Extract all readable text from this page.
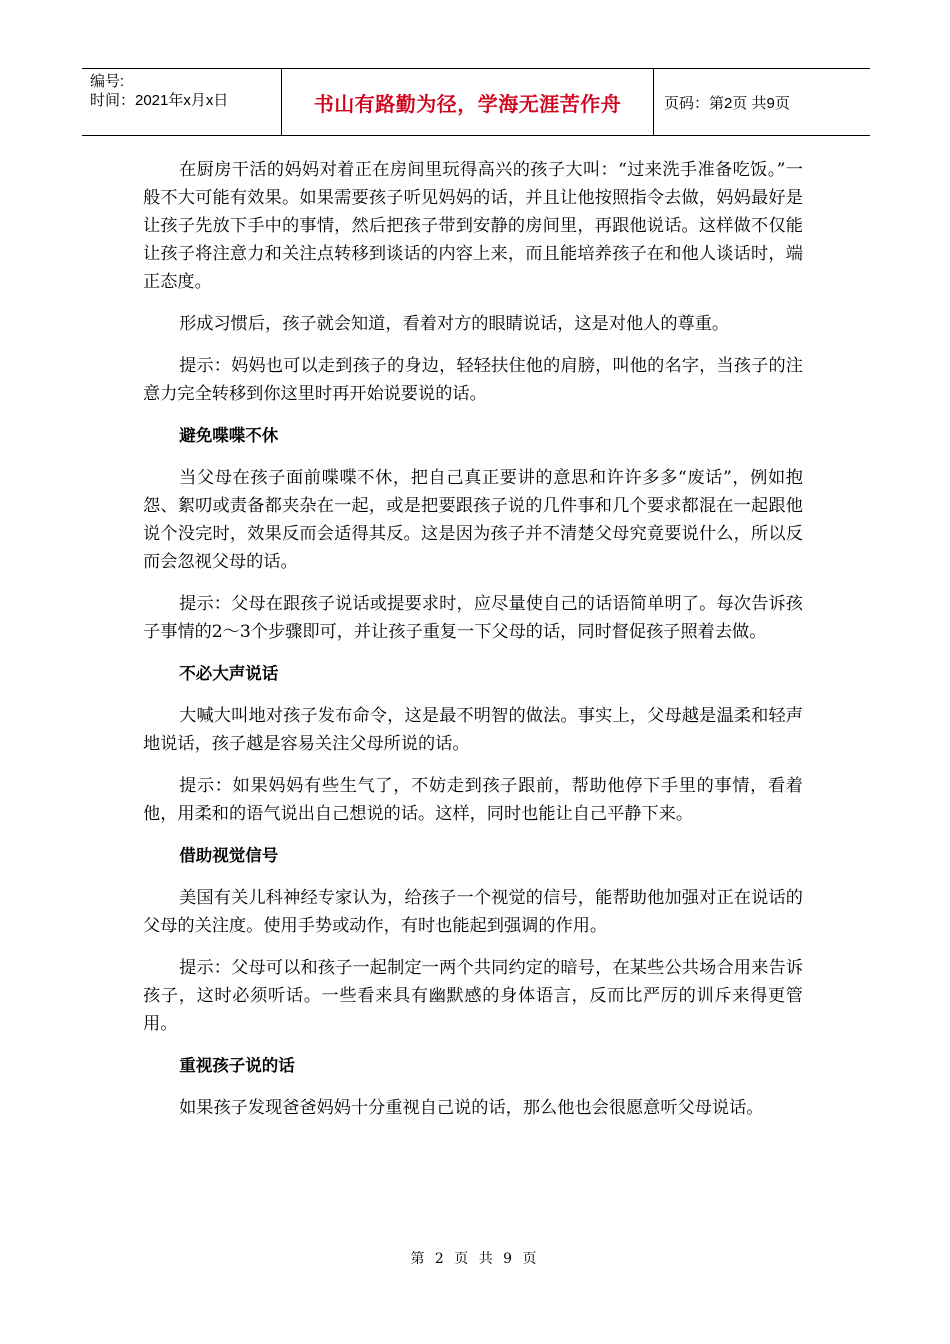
编号:
时间：2021年x月x日	书山有路勤为径，学海无涯苦作舟	页码：第2页 共9页

在厨房干活的妈妈对着正在房间里玩得高兴的孩子大叫：“过来洗手准备吃饭。”一般不大可能有效果。如果需要孩子听见妈妈的话，并且让他按照指令去做，妈妈最好是让孩子先放下手中的事情，然后把孩子带到安静的房间里，再跟他说话。这样做不仅能让孩子将注意力和关注点转移到谈话的内容上来，而且能培养孩子在和他人谈话时，端正态度。

形成习惯后，孩子就会知道，看着对方的眼睛说话，这是对他人的尊重。

提示：妈妈也可以走到孩子的身边，轻轻扶住他的肩膀，叫他的名字，当孩子的注意力完全转移到你这里时再开始说要说的话。

避免喋喋不休

当父母在孩子面前喋喋不休，把自己真正要讲的意思和许许多多“废话”，例如抱怨、絮叨或责备都夹杂在一起，或是把要跟孩子说的几件事和几个要求都混在一起跟他说个没完时，效果反而会适得其反。这是因为孩子并不清楚父母究竟要说什么，所以反而会忽视父母的话。

提示：父母在跟孩子说话或提要求时，应尽量使自己的话语简单明了。每次告诉孩子事情的2～3个步骤即可，并让孩子重复一下父母的话，同时督促孩子照着去做。

不必大声说话

大喊大叫地对孩子发布命令，这是最不明智的做法。事实上，父母越是温柔和轻声地说话，孩子越是容易关注父母所说的话。

提示：如果妈妈有些生气了，不妨走到孩子跟前，帮助他停下手里的事情，看着他，用柔和的语气说出自己想说的话。这样，同时也能让自己平静下来。

借助视觉信号

美国有关儿科神经专家认为，给孩子一个视觉的信号，能帮助他加强对正在说话的父母的关注度。使用手势或动作，有时也能起到强调的作用。

提示：父母可以和孩子一起制定一两个共同约定的暗号，在某些公共场合用来告诉孩子，这时必须听话。一些看来具有幽默感的身体语言，反而比严厉的训斥来得更管用。

重视孩子说的话

如果孩子发现爸爸妈妈十分重视自己说的话，那么他也会很愿意听父母说话。

第 2 页 共 9 页
